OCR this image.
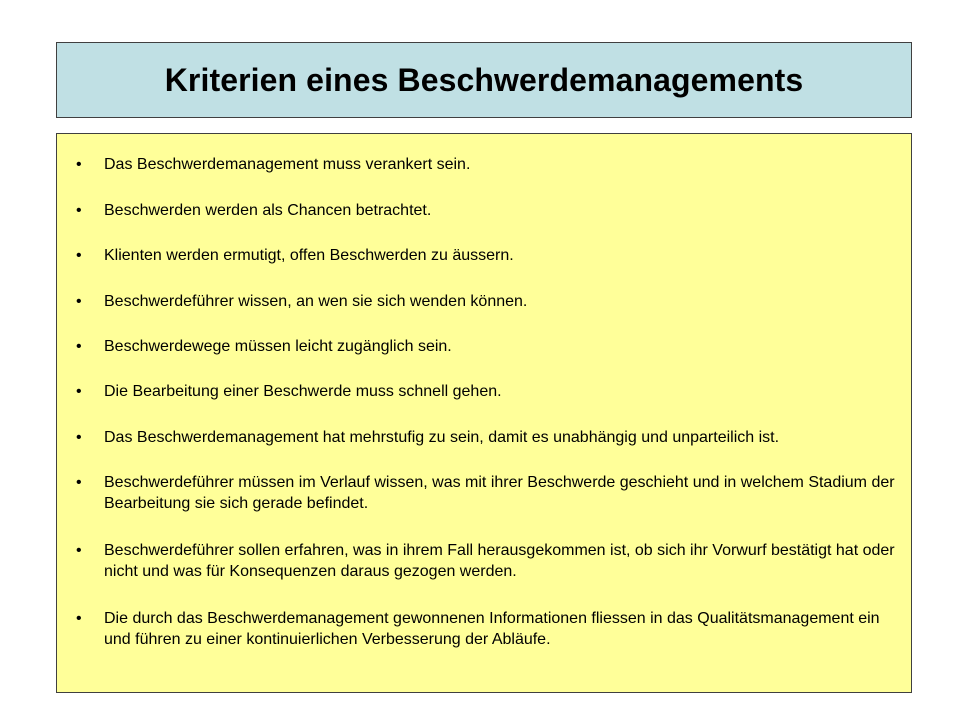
Kriterien eines Beschwerdemanagements
•	Das Beschwerdemanagement muss verankert sein.
•	Beschwerden werden als Chancen betrachtet.
•	Klienten werden ermutigt, offen Beschwerden zu äussern.
•	Beschwerdeführer wissen, an wen sie sich wenden können.
•	Beschwerdewege müssen leicht zugänglich sein.
•	Die Bearbeitung einer Beschwerde muss schnell gehen.
•	Das Beschwerdemanagement hat mehrstufig zu sein, damit es unabhängig und unparteilich ist.
•	Beschwerdeführer müssen im Verlauf wissen, was mit ihrer Beschwerde geschieht und in welchem Stadium der Bearbeitung sie sich gerade befindet.
•	Beschwerdeführer sollen erfahren, was in ihrem Fall herausgekommen ist, ob sich ihr Vorwurf bestätigt hat oder nicht und was für Konsequenzen daraus gezogen werden.
•	Die durch das Beschwerdemanagement gewonnenen Informationen fliessen in das Qualitätsmanagement ein und führen zu einer kontinuierlichen Verbesserung der Abläufe.
